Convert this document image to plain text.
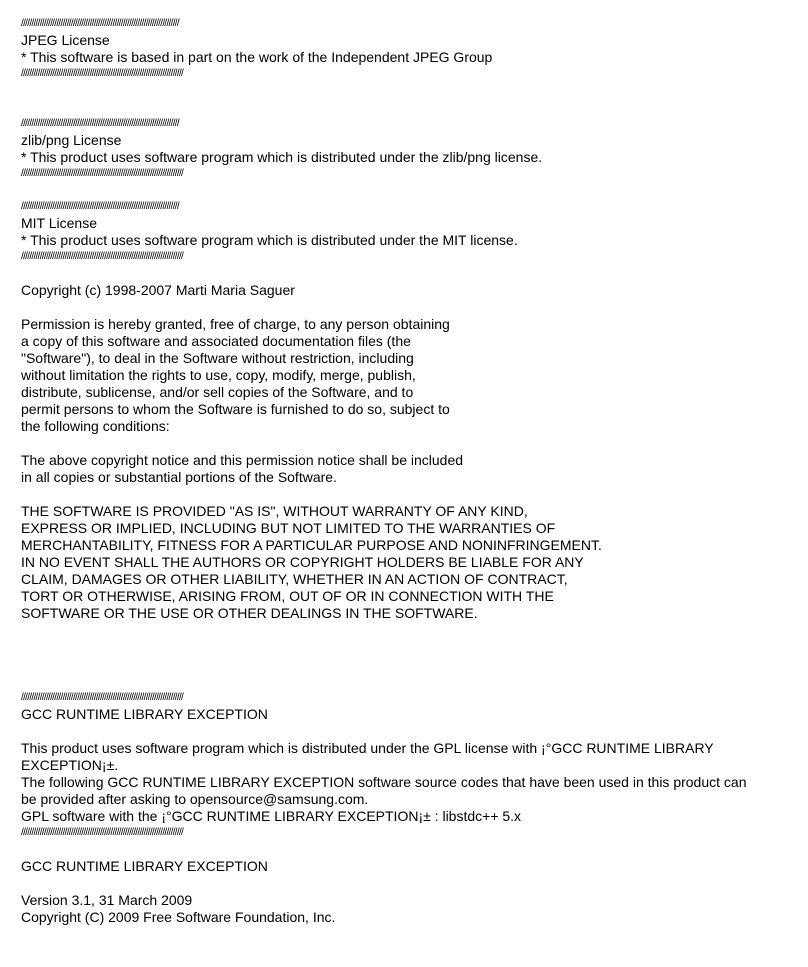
////////////////////////////////////////////////////////////////////////////
JPEG License
* This software is based in part on the work of the Independent JPEG Group
//////////////////////////////////////////////////////////////////////////////
////////////////////////////////////////////////////////////////////////////
zlib/png License
* This product uses software program which is distributed under the zlib/png license.
//////////////////////////////////////////////////////////////////////////////
////////////////////////////////////////////////////////////////////////////
MIT License
* This product uses software program which is distributed under the MIT license.
//////////////////////////////////////////////////////////////////////////////
Copyright (c) 1998-2007 Marti Maria Saguer
Permission is hereby granted, free of charge, to any person obtaining
a copy of this software and associated documentation files (the
"Software"), to deal in the Software without restriction, including
without limitation the rights to use, copy, modify, merge, publish,
distribute, sublicense, and/or sell copies of the Software, and to
permit persons to whom the Software is furnished to do so, subject to
the following conditions:
The above copyright notice and this permission notice shall be included
in all copies or substantial portions of the Software.
THE SOFTWARE IS PROVIDED "AS IS", WITHOUT WARRANTY OF ANY KIND,
EXPRESS OR IMPLIED, INCLUDING BUT NOT LIMITED TO THE WARRANTIES OF
MERCHANTABILITY, FITNESS FOR A PARTICULAR PURPOSE AND NONINFRINGEMENT.
IN NO EVENT SHALL THE AUTHORS OR COPYRIGHT HOLDERS BE LIABLE FOR ANY
CLAIM, DAMAGES OR OTHER LIABILITY, WHETHER IN AN ACTION OF CONTRACT,
TORT OR OTHERWISE, ARISING FROM, OUT OF OR IN CONNECTION WITH THE
SOFTWARE OR THE USE OR OTHER DEALINGS IN THE SOFTWARE.
//////////////////////////////////////////////////////////////////////////////
GCC RUNTIME LIBRARY EXCEPTION
This product uses software program which is distributed under the GPL license with ¡°GCC RUNTIME LIBRARY
EXCEPTION¡±.
The following GCC RUNTIME LIBRARY EXCEPTION software source codes that have been used in this product can
be provided after asking to opensource@samsung.com.
GPL software with the ¡°GCC RUNTIME LIBRARY EXCEPTION¡± : libstdc++ 5.x
//////////////////////////////////////////////////////////////////////////////
GCC RUNTIME LIBRARY EXCEPTION
Version 3.1, 31 March 2009
Copyright (C) 2009 Free Software Foundation, Inc.
